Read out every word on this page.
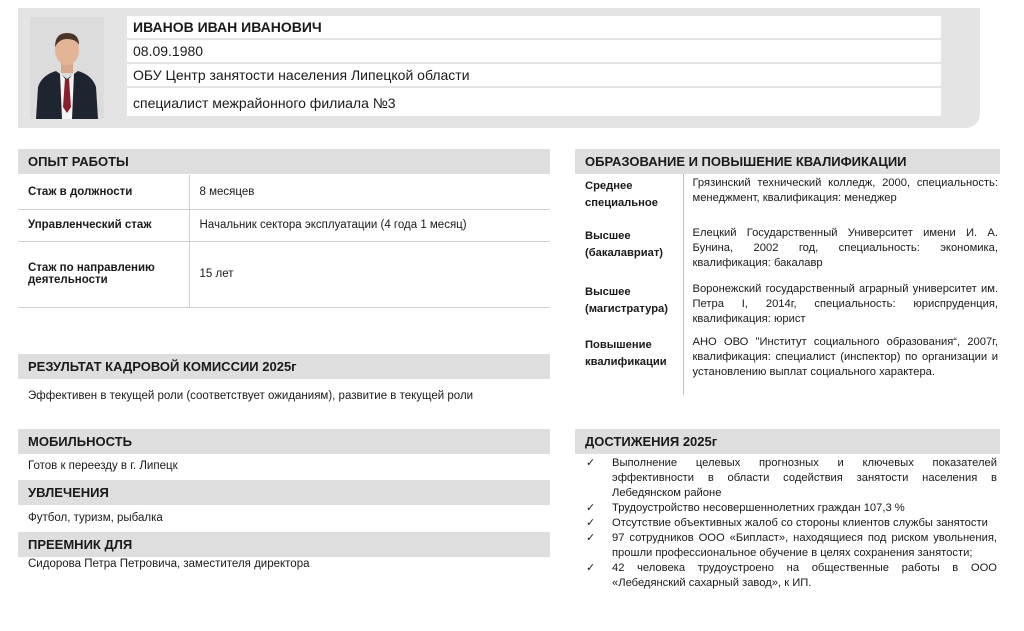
ИВАНОВ ИВАН ИВАНОВИЧ
08.09.1980
ОБУ Центр занятости населения Липецкой области
специалист межрайонного филиала №3
ОПЫТ РАБОТЫ
Стаж в должности	8 месяцев
Управленческий стаж	Начальник сектора эксплуатации (4 года 1 месяц)
Стаж по направлению деятельности	15 лет
РЕЗУЛЬТАТ КАДРОВОЙ КОМИССИИ 2025г
Эффективен в текущей роли (соответствует ожиданиям), развитие в текущей роли
МОБИЛЬНОСТЬ
Готов к переезду в г. Липецк
УВЛЕЧЕНИЯ
Футбол, туризм, рыбалка
ПРЕЕМНИК ДЛЯ
Сидорова Петра Петровича, заместителя директора
ОБРАЗОВАНИЕ И ПОВЫШЕНИЕ КВАЛИФИКАЦИИ
Среднее специальное	Грязинский технический колледж, 2000, специальность: менеджмент, квалификация: менеджер
Высшее (бакалавриат)	Елецкий Государственный Университет имени И. А. Бунина, 2002 год, специальность: экономика, квалификация: бакалавр
Высшее (магистратура)	Воронежский государственный аграрный университет им. Петра I, 2014г, специальность: юриспруденция, квалификация: юрист
Повышение квалификации	АНО ОВО "Институт социального образования“, 2007г, квалификация: специалист (инспектор) по организации и установлению выплат социального характера.
ДОСТИЖЕНИЯ 2025г
✓ Выполнение целевых прогнозных и ключевых показателей эффективности в области содействия занятости населения в Лебедянском районе
✓ Трудоустройство несовершеннолетних граждан 107,3 %
✓ Отсутствие объективных жалоб со стороны клиентов службы занятости
✓ 97 сотрудников ООО «Бипласт», находящиеся под риском увольнения, прошли профессиональное обучение в целях сохранения занятости;
✓ 42 человека трудоустроено на общественные работы в ООО «Лебедянский сахарный завод», к ИП.
